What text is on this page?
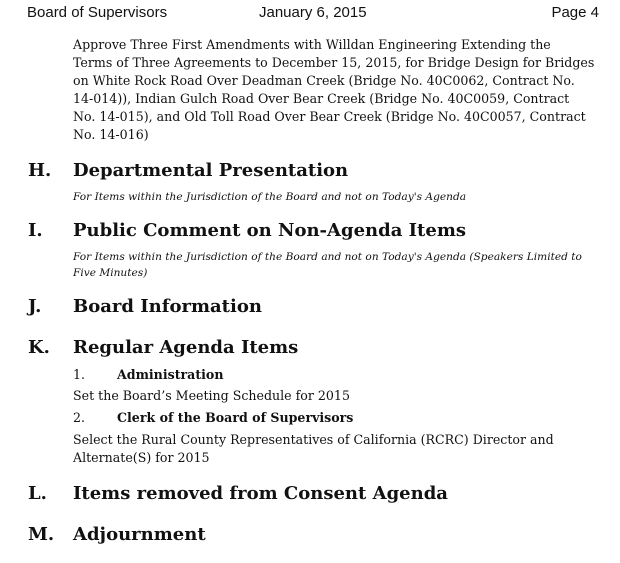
Board of Supervisors	January 6, 2015	Page 4
Approve Three First Amendments with Willdan Engineering Extending the
Terms of Three Agreements to December 15, 2015, for Bridge Design for Bridges
on White Rock Road Over Deadman Creek (Bridge No. 40C0062, Contract No.
14-014)), Indian Gulch Road Over Bear Creek (Bridge No. 40C0059, Contract
No. 14-015), and Old Toll Road Over Bear Creek (Bridge No. 40C0057, Contract
No. 14-016)
H. Departmental Presentation
For Items within the Jurisdiction of the Board and not on Today's Agenda
I. Public Comment on Non-Agenda Items
For Items within the Jurisdiction of the Board and not on Today's Agenda (Speakers Limited to
Five Minutes)
J. Board Information
K. Regular Agenda Items
1.	Administration
Set the Board’s Meeting Schedule for 2015
2.	Clerk of the Board of Supervisors
Select the Rural County Representatives of California (RCRC) Director and
Alternate(S) for 2015
L. Items removed from Consent Agenda
M. Adjournment
